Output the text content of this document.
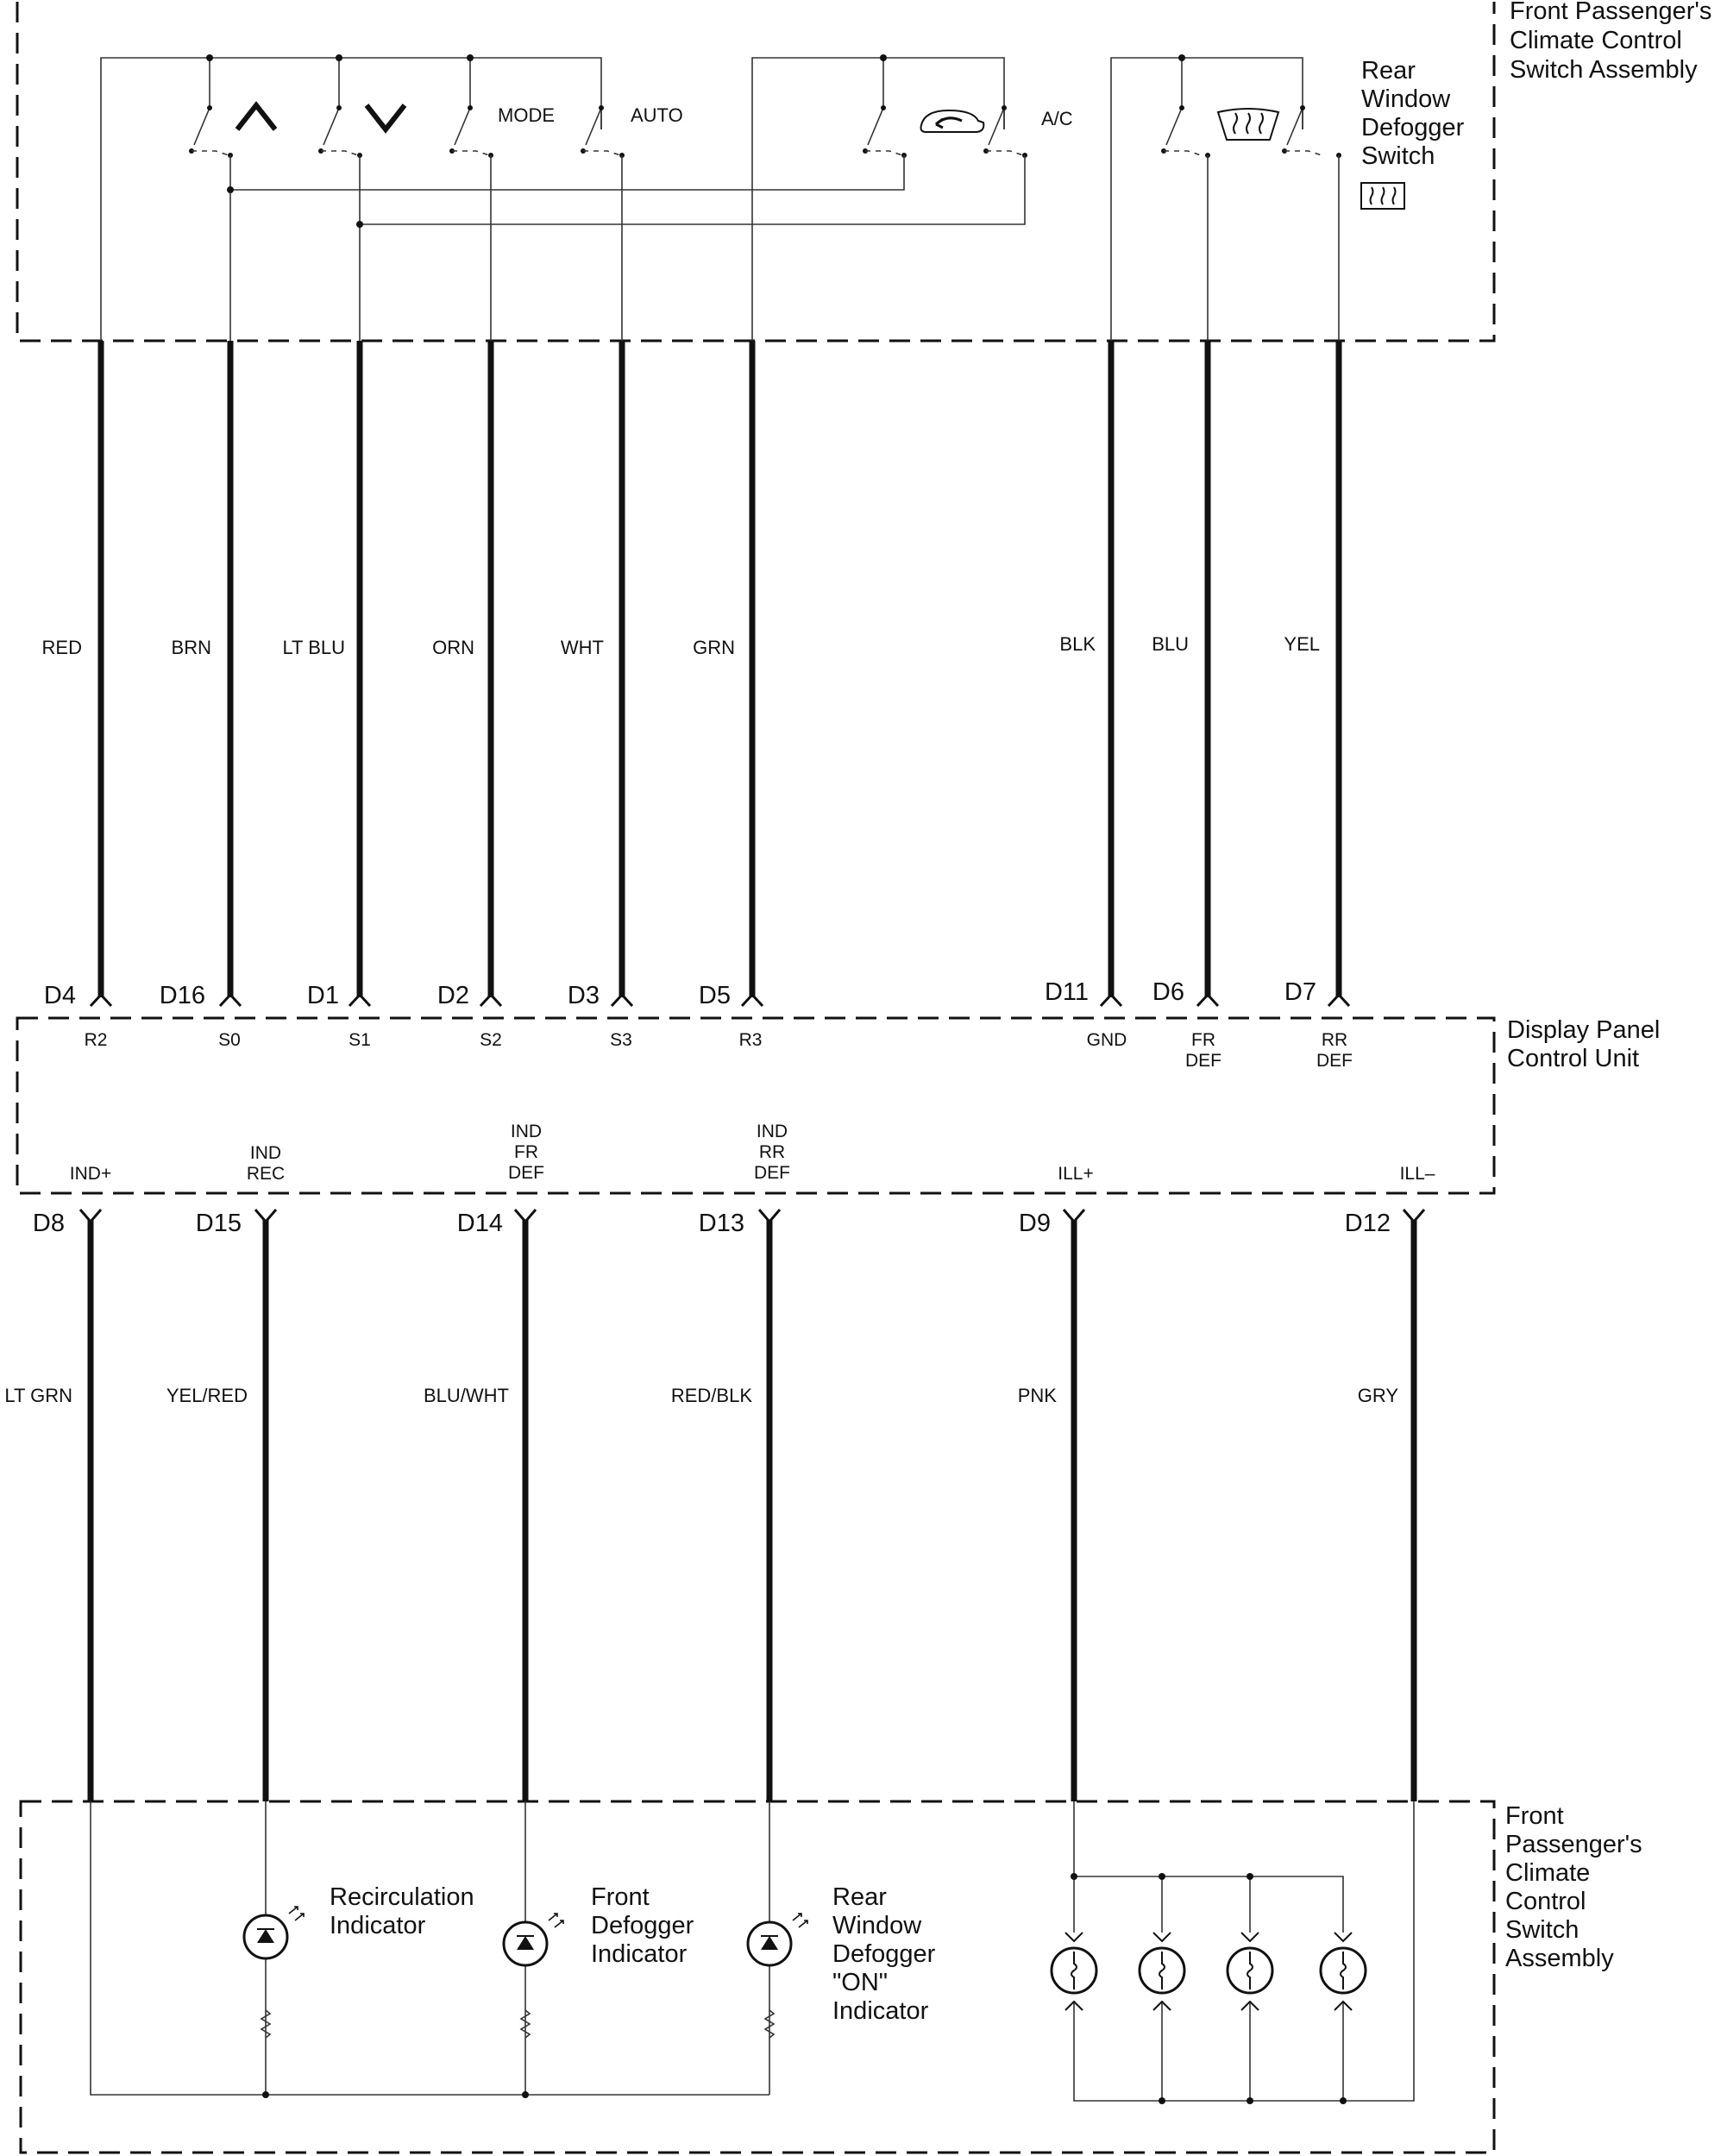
Front Passenger's
Climate Control
Switch Assembly
MODE	AUTO	A/C
Rear
Window
Defogger
Switch
RED	BRN	LT BLU	ORN	WHT	GRN	BLK	BLU	YEL
D4	D16	D1	D2	D3	D5	D11	D6	D7
Display Panel
Control Unit
R2	S0	S1	S2	S3	R3	GND	FR
DEF
RR
DEF
IND+
IND
REC
IND
FR
DEF
IND
RR
DEF	ILL+	ILL–
D8	D15	D14	D13	D9	D12
LT GRN	YEL/RED	BLU/WHT	RED/BLK	PNK	GRY
Front
Passenger's
Climate
Control
Switch
Assembly
Recirculation
Indicator
Front
Defogger
Indicator
Rear
Window
Defogger
"ON"
Indicator
